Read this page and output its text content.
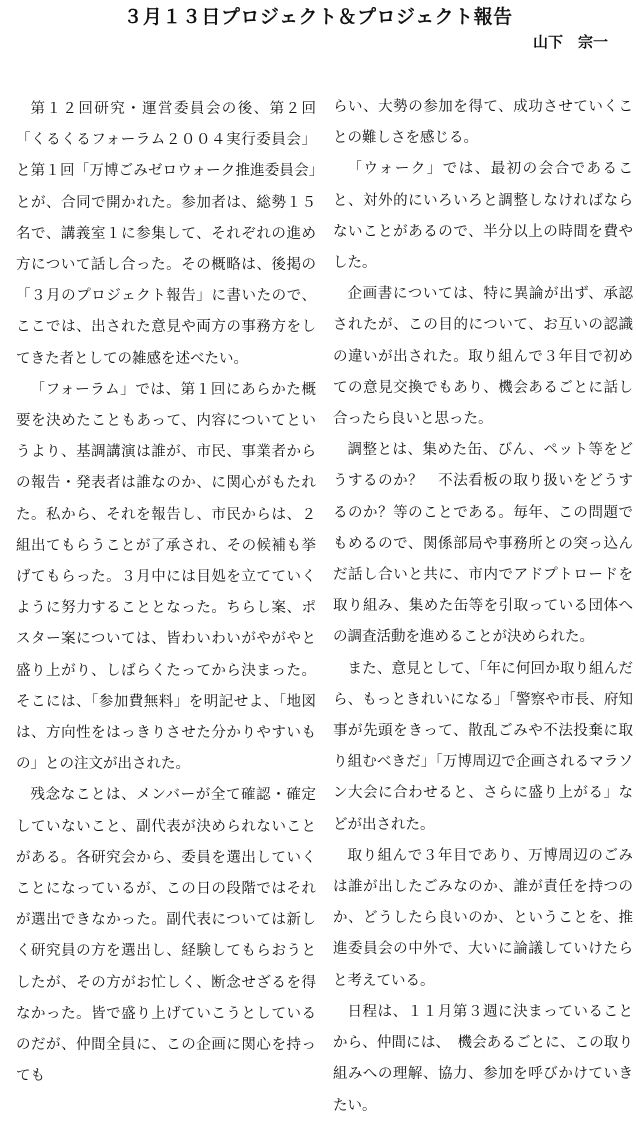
３月１３日プロジェクト＆プロジェクト報告
山下　宗一

第１２回研究・運営委員会の後、第２回「くるくるフォーラム２００４実行委員会」と第１回「万博ごみゼロウォーク推進委員会」とが、合同で開かれた。参加者は、総勢１５名で、講義室１に参集して、それぞれの進め方について話し合った。その概略は、後掲の「３月のプロジェクト報告」に書いたので、ここでは、出された意見や両方の事務方をしてきた者としての雑感を述べたい。

「フォーラム」では、第１回にあらかた概要を決めたこともあって、内容についてというより、基調講演は誰が、市民、事業者からの報告・発表者は誰なのか、に関心がもたれた。私から、それを報告し、市民からは、２組出てもらうことが了承され、その候補も挙げてもらった。３月中には目処を立てていくように努力することとなった。ちらし案、ポスター案については、皆わいわいがやがやと盛り上がり、しばらくたってから決まった。そこには、「参加費無料」を明記せよ、「地図は、方向性をはっきりさせた分かりやすいもの」との注文が出された。

残念なことは、メンバーが全て確認・確定していないこと、副代表が決められないことがある。各研究会から、委員を選出していくことになっているが、この日の段階ではそれが選出できなかった。副代表については新しく研究員の方を選出し、経験してもらおうとしたが、その方がお忙しく、断念せざるを得なかった。皆で盛り上げていこうとしているのだが、仲間全員に、この企画に関心を持っても

らい、大勢の参加を得て、成功させていくことの難しさを感じる。

「ウォーク」では、最初の会合であること、対外的にいろいろと調整しなければならないことがあるので、半分以上の時間を費やした。

企画書については、特に異論が出ず、承認されたが、この目的について、お互いの認識の違いが出された。取り組んで３年目で初めての意見交換でもあり、機会あるごとに話し合ったら良いと思った。

調整とは、集めた缶、びん、ペット等をどうするのか？　不法看板の取り扱いをどうするのか？等のことである。毎年、この問題でもめるので、関係部局や事務所との突っ込んだ話し合いと共に、市内でアドプトロードを取り組み、集めた缶等を引取っている団体への調査活動を進めることが決められた。

また、意見として、「年に何回か取り組んだら、もっときれいになる」「警察や市長、府知事が先頭をきって、散乱ごみや不法投棄に取り組むべきだ」「万博周辺で企画されるマラソン大会に合わせると、さらに盛り上がる」などが出された。

取り組んで３年目であり、万博周辺のごみは誰が出したごみなのか、誰が責任を持つのか、どうしたら良いのか、ということを、推進委員会の中外で、大いに論議していけたらと考えている。

日程は、１１月第３週に決まっていることから、仲間には、　機会あるごとに、この取り組みへの理解、協力、参加を呼びかけていきたい。
